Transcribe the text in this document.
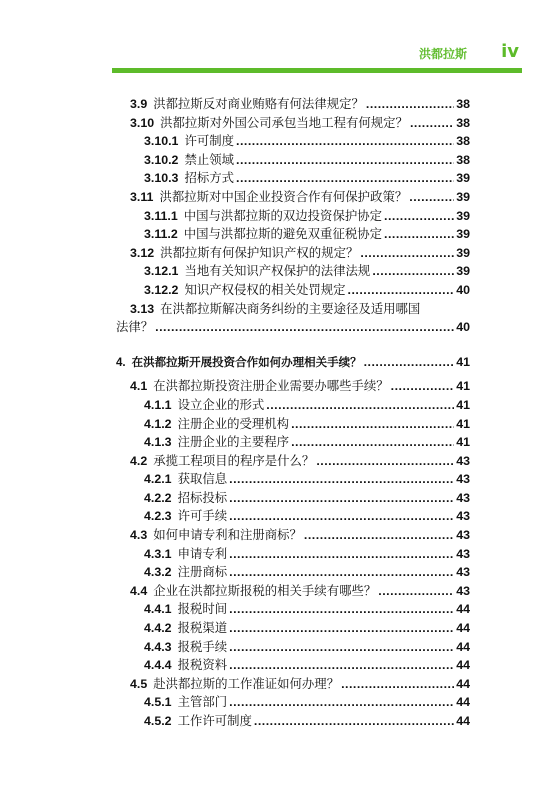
洪都拉斯 iv
3.9 洪都拉斯反对商业贿赂有何法律规定？ .....	38
3.10 洪都拉斯对外国公司承包当地工程有何规定？ .....	38
3.10.1 许可制度 .....	38
3.10.2 禁止领域 .....	38
3.10.3 招标方式 .....	39
3.11 洪都拉斯对中国企业投资合作有何保护政策？ .....	39
3.11.1 中国与洪都拉斯的双边投资保护协定 .....	39
3.11.2 中国与洪都拉斯的避免双重征税协定 .....	39
3.12 洪都拉斯有何保护知识产权的规定？ .....	39
3.12.1 当地有关知识产权保护的法律法规 .....	39
3.12.2 知识产权侵权的相关处罚规定 .....	40
3.13 在洪都拉斯解决商务纠纷的主要途径及适用哪国
法律？ .....	40
4. 在洪都拉斯开展投资合作如何办理相关手续？ .....	41
4.1 在洪都拉斯投资注册企业需要办哪些手续？ .....	41
4.1.1 设立企业的形式 .....	41
4.1.2 注册企业的受理机构 .....	41
4.1.3 注册企业的主要程序 .....	41
4.2 承揽工程项目的程序是什么？ .....	43
4.2.1 获取信息 .....	43
4.2.2 招标投标 .....	43
4.2.3 许可手续 .....	43
4.3 如何申请专利和注册商标？ .....	43
4.3.1 申请专利 .....	43
4.3.2 注册商标 .....	43
4.4 企业在洪都拉斯报税的相关手续有哪些？ .....	43
4.4.1 报税时间 .....	44
4.4.2 报税渠道 .....	44
4.4.3 报税手续 .....	44
4.4.4 报税资料 .....	44
4.5 赴洪都拉斯的工作准证如何办理？ .....	44
4.5.1 主管部门 .....	44
4.5.2 工作许可制度 .....	44
